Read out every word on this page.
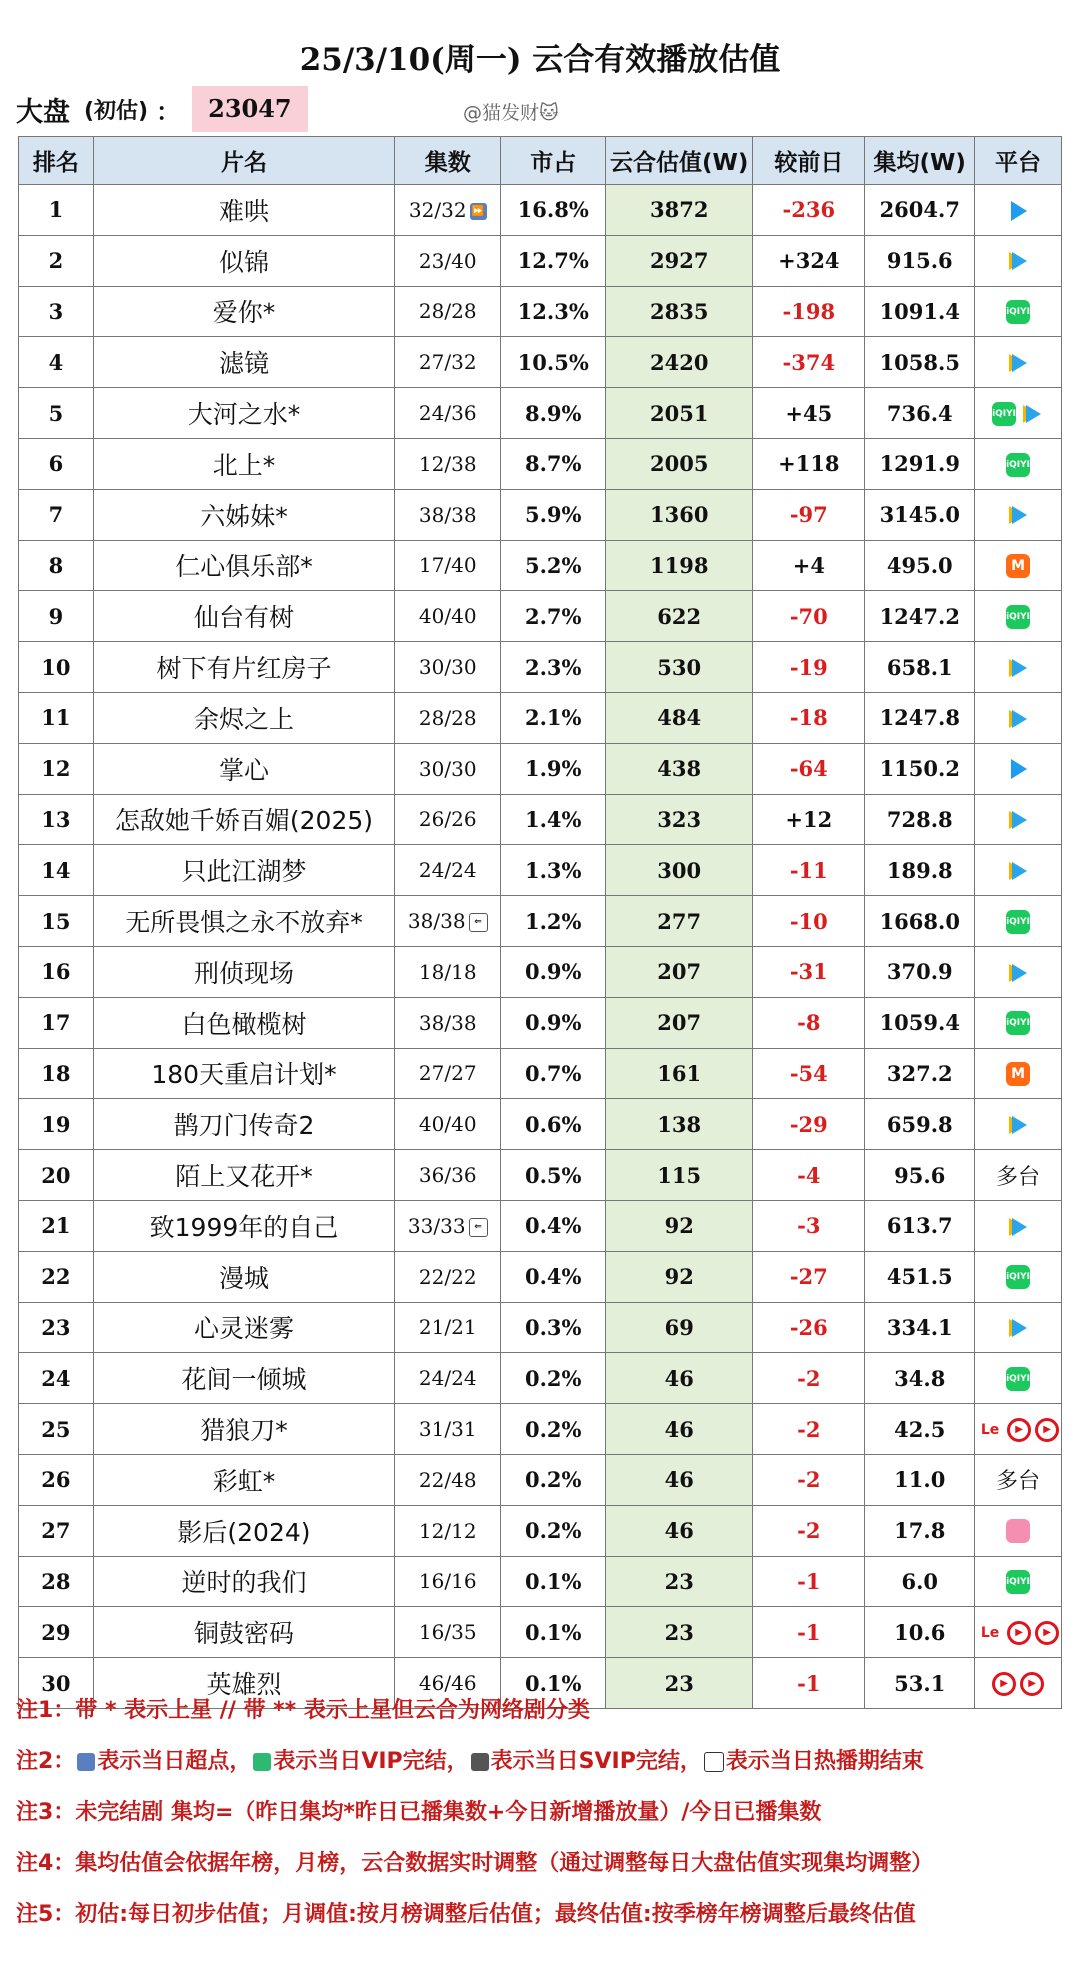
25/3/10(周一) 云合有效播放估值
大盘 (初估) ：	23047	@猫发财🐱
排名	片名	集数	市占	云合估值(W)	较前日	集均(W)	平台
1	难哄	32/32 ⏩	16.8%	3872	-236	2604.7	
2	似锦	23/40	12.7%	2927	+324	915.6	
3	爱你*	28/28	12.3%	2835	-198	1091.4	iQIYI
4	滤镜	27/32	10.5%	2420	-374	1058.5	
5	大河之水*	24/36	8.9%	2051	+45	736.4	iQIYI
6	北上*	12/38	8.7%	2005	+118	1291.9	iQIYI
7	六姊妹*	38/38	5.9%	1360	-97	3145.0	
8	仁心俱乐部*	17/40	5.2%	1198	+4	495.0	M
9	仙台有树	40/40	2.7%	622	-70	1247.2	iQIYI
10	树下有片红房子	30/30	2.3%	530	-19	658.1	
11	余烬之上	28/28	2.1%	484	-18	1247.8	
12	掌心	30/30	1.9%	438	-64	1150.2	
13	怎敌她千娇百媚(2025)	26/26	1.4%	323	+12	728.8	
14	只此江湖梦	24/24	1.3%	300	-11	189.8	
15	无所畏惧之永不放弃*	38/38 ⇐	1.2%	277	-10	1668.0	iQIYI
16	刑侦现场	18/18	0.9%	207	-31	370.9	
17	白色橄榄树	38/38	0.9%	207	-8	1059.4	iQIYI
18	180天重启计划*	27/27	0.7%	161	-54	327.2	M
19	鹊刀门传奇2	40/40	0.6%	138	-29	659.8	
20	陌上又花开*	36/36	0.5%	115	-4	95.6	多台
21	致1999年的自己	33/33 ⇐	0.4%	92	-3	613.7	
22	漫城	22/22	0.4%	92	-27	451.5	iQIYI
23	心灵迷雾	21/21	0.3%	69	-26	334.1	
24	花间一倾城	24/24	0.2%	46	-2	34.8	iQIYI
25	猎狼刀*	31/31	0.2%	46	-2	42.5	Le ▶ ▶
26	彩虹*	22/48	0.2%	46	-2	11.0	多台
27	影后(2024)	12/12	0.2%	46	-2	17.8	
28	逆时的我们	16/16	0.1%	23	-1	6.0	iQIYI
29	铜鼓密码	16/35	0.1%	23	-1	10.6	Le ▶ ▶
30	英雄烈	46/46	0.1%	23	-1	53.1	▶ ▶
注1：带 * 表示上星 // 带 ** 表示上星但云合为网络剧分类
注2： 表示当日超点， 表示当日VIP完结， 表示当日SVIP完结， 表示当日热播期结束
注3：未完结剧 集均=（昨日集均*昨日已播集数+今日新增播放量）/今日已播集数
注4：集均估值会依据年榜，月榜，云合数据实时调整（通过调整每日大盘估值实现集均调整）
注5：初估:每日初步估值；月调值:按月榜调整后估值；最终估值:按季榜年榜调整后最终估值
